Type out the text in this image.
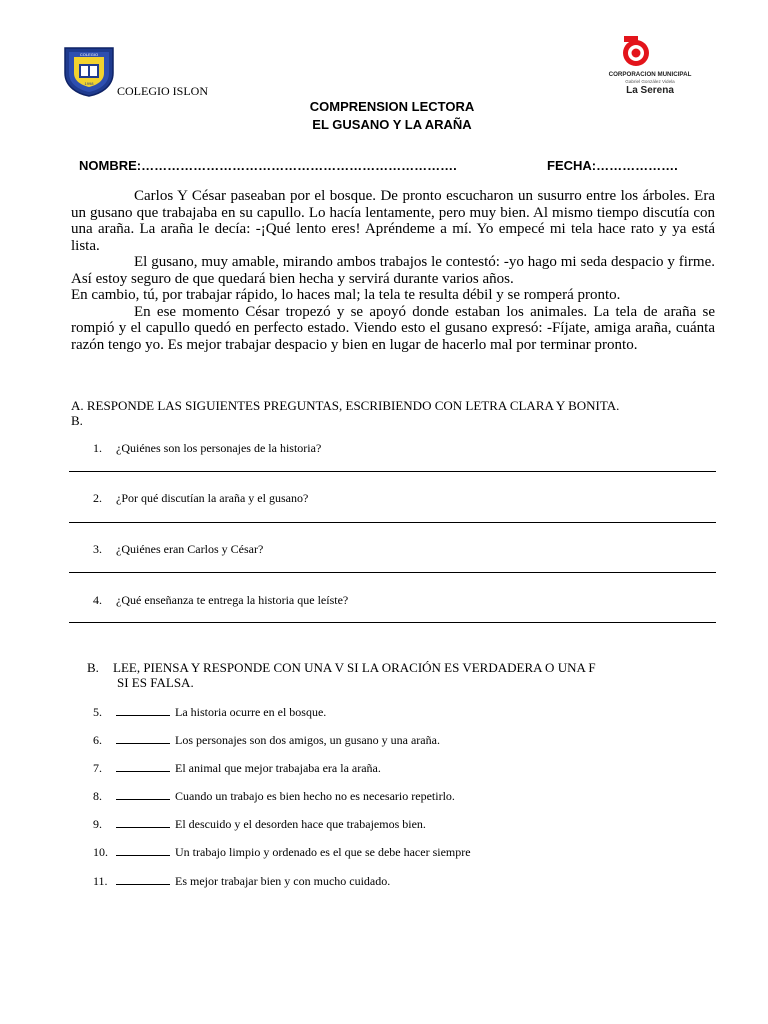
COLEGIO
1998
COLEGIO ISLON
CORPORACION MUNICIPAL
Gabriel González Videla
La Serena
COMPRENSION LECTORA
EL GUSANO Y LA ARAÑA
NOMBRE:……………………………………………………………….	FECHA:……………….

Carlos Y César paseaban por el bosque. De pronto escucharon un susurro entre los árboles. Era un gusano que trabajaba en su capullo. Lo hacía lentamente, pero muy bien. Al mismo tiempo discutía con una araña. La araña le decía: -¡Qué lento eres! Apréndeme a mí. Yo empecé mi tela hace rato y ya está lista.

El gusano, muy amable, mirando ambos trabajos le contestó: -yo hago mi seda despacio y firme. Así estoy seguro de que quedará bien hecha y servirá durante varios años.

En cambio, tú, por trabajar rápido, lo haces mal; la tela te resulta débil y se romperá pronto.

En ese momento César tropezó y se apoyó donde estaban los animales. La tela de araña se rompió y el capullo quedó en perfecto estado. Viendo esto el gusano expresó: -Fíjate, amiga araña, cuánta razón tengo yo. Es mejor trabajar despacio y bien en lugar de hacerlo mal por terminar pronto.

A. RESPONDE LAS SIGUIENTES PREGUNTAS, ESCRIBIENDO CON LETRA CLARA Y BONITA.
B.
1. ¿Quiénes son los personajes de la historia?
2. ¿Por qué discutían la araña y el gusano?
3. ¿Quiénes eran Carlos y César?
4. ¿Qué enseñanza te entrega la historia que leíste?
B. LEE, PIENSA Y RESPONDE CON UNA V SI LA ORACIÓN ES VERDADERA O UNA F
SI ES FALSA.
5.	La historia ocurre en el bosque.
6.	Los personajes son dos amigos, un gusano y una araña.
7.	El animal que mejor trabajaba era la araña.
8.	Cuando un trabajo es bien hecho no es necesario repetirlo.
9.	El descuido y el desorden hace que trabajemos bien.
10.	Un trabajo limpio y ordenado es el que se debe hacer siempre
11.	Es mejor trabajar bien y con mucho cuidado.
